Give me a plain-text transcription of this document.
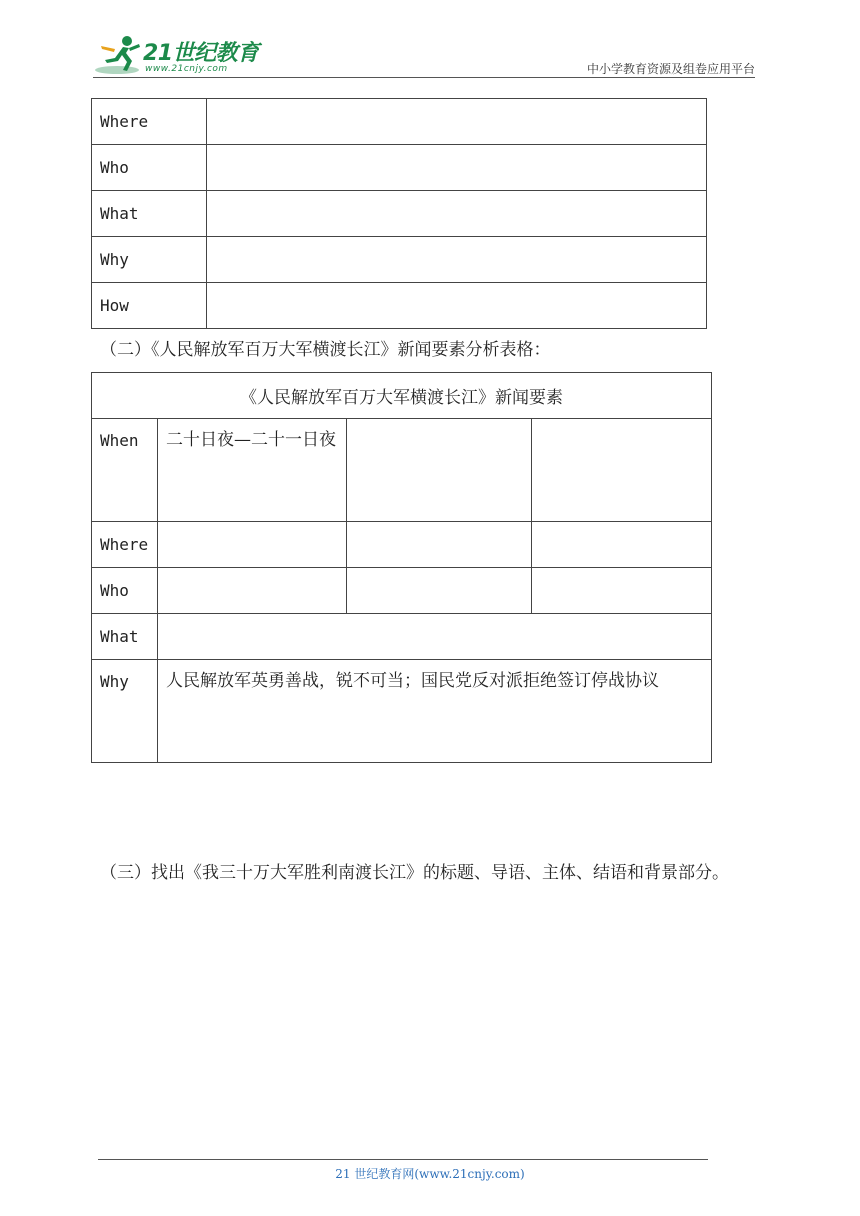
21世纪教育
www.21cnjy.com	中小学教育资源及组卷应用平台
Where	
Who	
What	
Why	
How	
（二）《人民解放军百万大军横渡长江》新闻要素分析表格：
《人民解放军百万大军横渡长江》新闻要素			
When	二十日夜—二十一日夜		

Where			
Who			
What			
Why	人民解放军英勇善战，锐不可当；国民党反对派拒绝签订停战协议		
（三）找出《我三十万大军胜利南渡长江》的标题、导语、主体、结语和背景部分。
21 世纪教育网(www.21cnjy.com)
